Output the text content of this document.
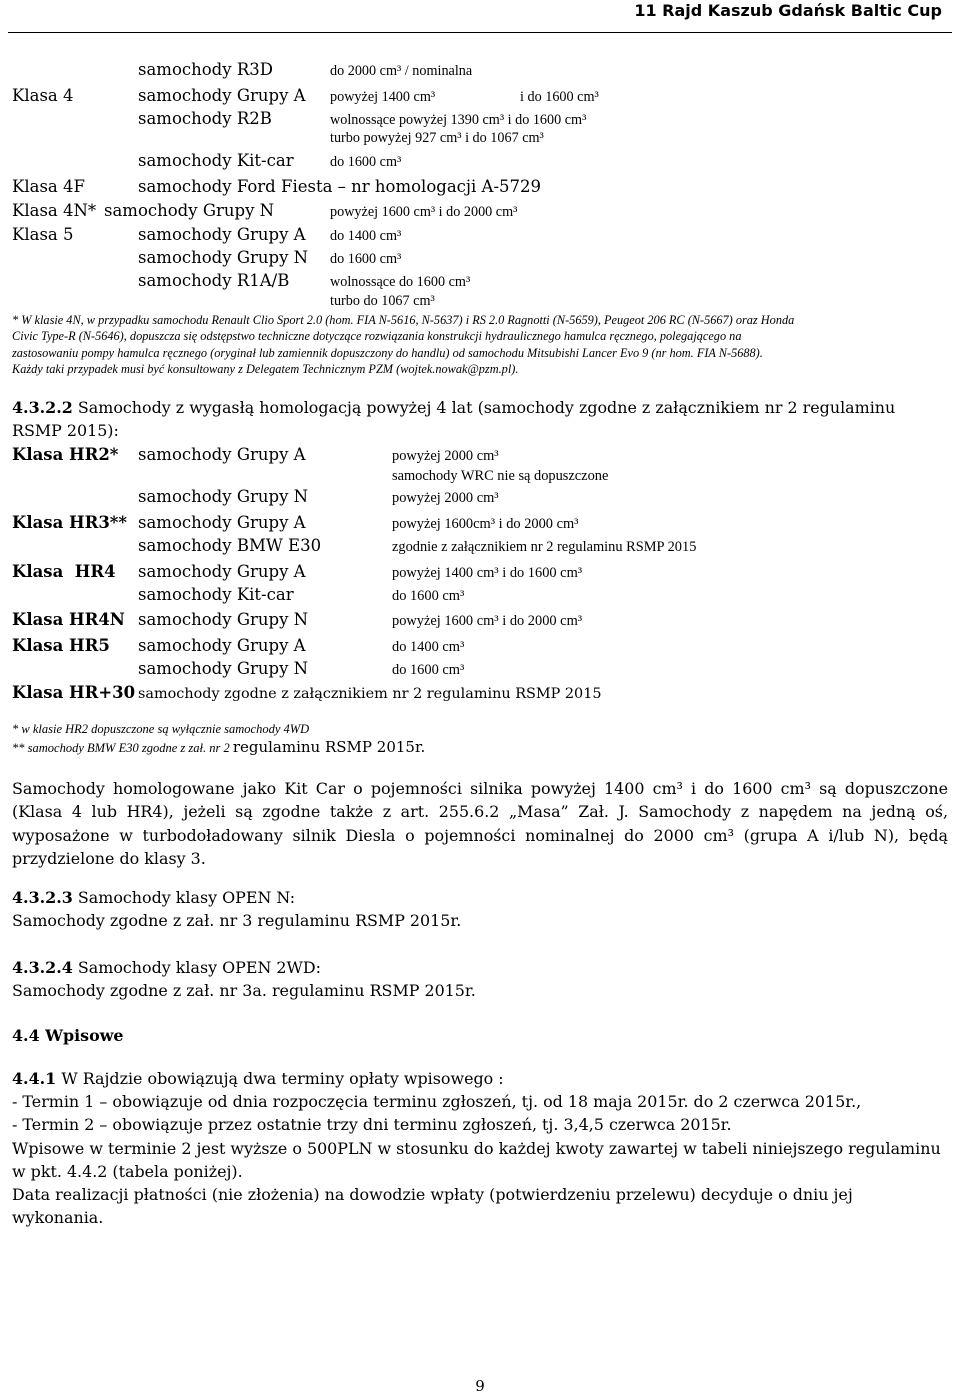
11 Rajd Kaszub Gdańsk Baltic Cup
samochody R3D	do 2000 cm³ / nominalna
Klasa 4	samochody Grupy A powyżej 1400 cm³	i do 1600 cm³
samochody R2B	wolnossące powyżej 1390 cm³ i do 1600 cm³
turbo powyżej 927 cm³ i do 1067 cm³
samochody Kit-car	do 1600 cm³
Klasa 4F	samochody Ford Fiesta – nr homologacji A-5729
Klasa 4N* samochody Grupy N	powyżej 1600 cm³ i do 2000 cm³
Klasa 5	samochody Grupy A do 1400 cm³
samochody Grupy N do 1600 cm³
samochody R1A/B	wolnossące do 1600 cm³
turbo do 1067 cm³

* W klasie 4N, w przypadku samochodu Renault Clio Sport 2.0 (hom. FIA N-5616, N-5637) i RS 2.0 Ragnotti (N-5659), Peugeot 206 RC (N-5667) oraz Honda

Civic Type-R (N-5646), dopuszcza się odstępstwo techniczne dotyczące rozwiązania konstrukcji hydraulicznego hamulca ręcznego, polegającego na

zastosowaniu pompy hamulca ręcznego (oryginał lub zamiennik dopuszczony do handlu) od samochodu Mitsubishi Lancer Evo 9 (nr hom. FIA N-5688).

Każdy taki przypadek musi być konsultowany z Delegatem Technicznym PZM (wojtek.nowak@pzm.pl).

4.3.2.2 Samochody z wygasłą homologacją powyżej 4 lat (samochody zgodne z załącznikiem nr 2 regulaminu
RSMP 2015):
Klasa HR2* samochody Grupy A	powyżej 2000 cm³
samochody WRC nie są dopuszczone
samochody Grupy N	powyżej 2000 cm³
Klasa HR3** samochody Grupy A	powyżej 1600cm³ i do 2000 cm³
samochody BMW E30	zgodnie z załącznikiem nr 2 regulaminu RSMP 2015
Klasa  HR4 samochody Grupy A	powyżej 1400 cm³ i do 1600 cm³
samochody Kit-car	do 1600 cm³
Klasa HR4N samochody Grupy N	powyżej 1600 cm³ i do 2000 cm³
Klasa HR5 samochody Grupy A	do 1400 cm³
samochody Grupy N	do 1600 cm³
Klasa HR+30 samochody zgodne z załącznikiem nr 2 regulaminu RSMP 2015

* w klasie HR2 dopuszczone są wyłącznie samochody 4WD

** samochody BMW E30 zgodne z zał. nr 2 regulaminu RSMP 2015r.

Samochody homologowane jako Kit Car o pojemności silnika powyżej 1400 cm³ i do 1600 cm³ są dopuszczone (Klasa 4 lub HR4), jeżeli są zgodne także z art. 255.6.2 „Masa” Zał. J. Samochody z napędem na jedną oś, wyposażone w turbodoładowany silnik Diesla o pojemności nominalnej do 2000 cm³ (grupa A i/lub N), będą przydzielone do klasy 3.

4.3.2.3 Samochody klasy OPEN N:
Samochody zgodne z zał. nr 3 regulaminu RSMP 2015r.
4.3.2.4 Samochody klasy OPEN 2WD:
Samochody zgodne z zał. nr 3a. regulaminu RSMP 2015r.
4.4 Wpisowe
4.4.1 W Rajdzie obowiązują dwa terminy opłaty wpisowego :
- Termin 1 – obowiązuje od dnia rozpoczęcia terminu zgłoszeń, tj. od 18 maja 2015r. do 2 czerwca 2015r.,
- Termin 2 – obowiązuje przez ostatnie trzy dni terminu zgłoszeń, tj. 3,4,5 czerwca 2015r.

Wpisowe w terminie 2 jest wyższe o 500PLN w stosunku do każdej kwoty zawartej w tabeli niniejszego regulaminu w pkt. 4.4.2 (tabela poniżej).

Data realizacji płatności (nie złożenia) na dowodzie wpłaty (potwierdzeniu przelewu) decyduje o dniu jej wykonania.

9
